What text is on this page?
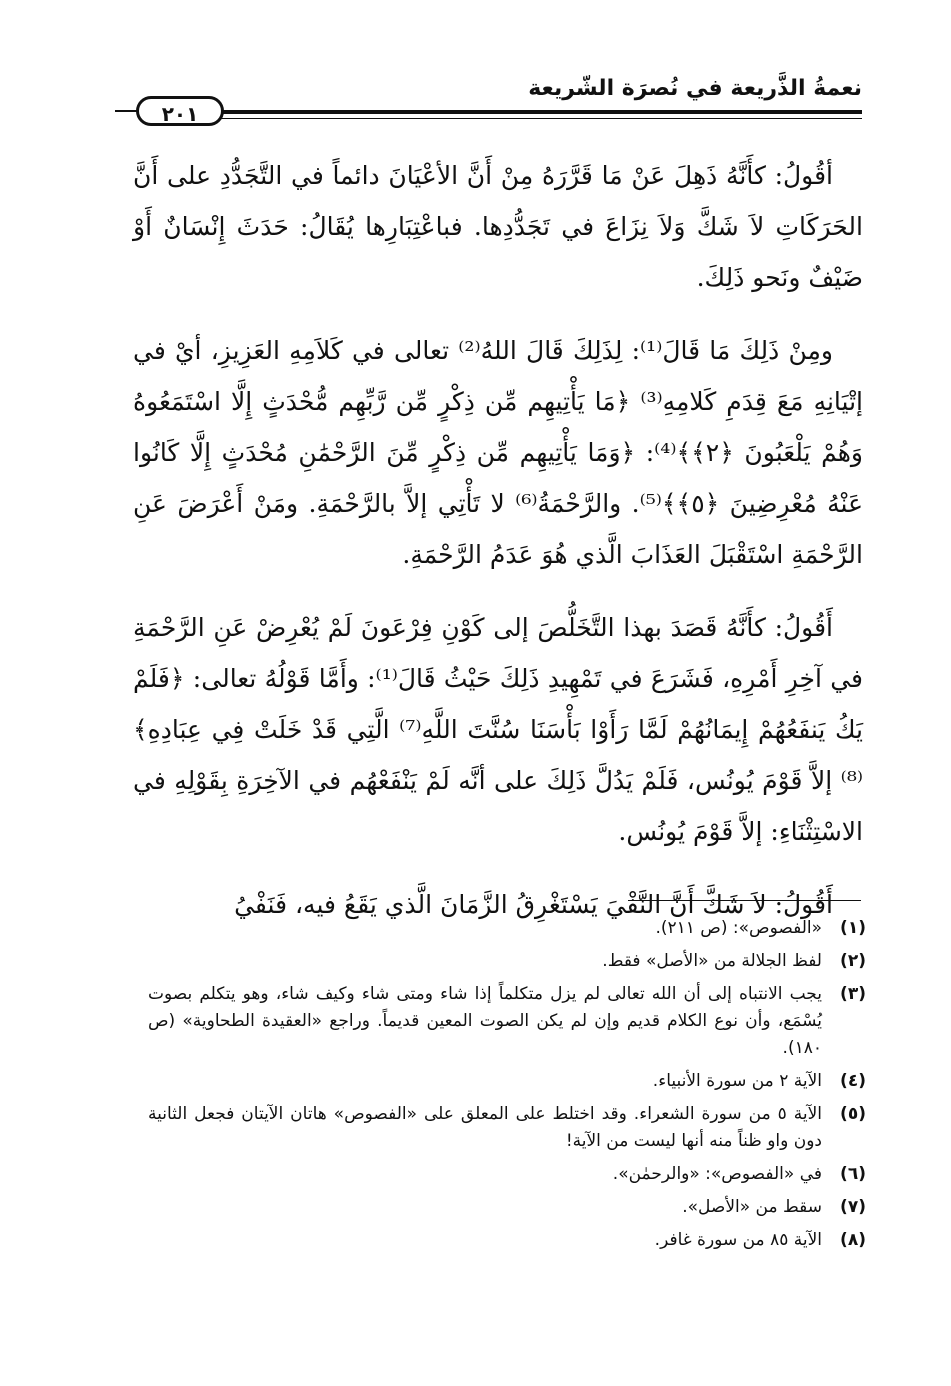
نعمةُ الذَّريعة في نُصرَة الشّريعة
٢٠١

أقُولُ: كأَنَّهُ ذَهِلَ عَنْ مَا قَرَّرَهُ مِنْ أَنَّ الأعْيَانَ دائماً في التَّجَدُّدِ على أَنَّ الحَرَكَاتِ لاَ شَكَّ وَلاَ نِزَاعَ في تَجَدُّدِها. فباعْتِبَارِها يُقَالُ: حَدَثَ إِنْسَانٌ أَوْ ضَيْفٌ ونَحو ذَلِكَ.

ومِنْ ذَلِكَ مَا قَالَ⁽¹⁾: لِذَلِكَ قَالَ اللهُ⁽²⁾ تعالى في كَلاَمِهِ العَزِيزِ، أيْ في إتْيَانِهِ مَعَ قِدَمِ كَلامِهِ⁽³⁾ ﴿مَا يَأْتِيهِم مِّن ذِكْرٍ مِّن رَّبِّهِم مُّحْدَثٍ إِلَّا اسْتَمَعُوهُ وَهُمْ يَلْعَبُونَ ﴿٢﴾﴾⁽⁴⁾: ﴿وَمَا يَأْتِيهِم مِّن ذِكْرٍ مِّنَ الرَّحْمَٰنِ مُحْدَثٍ إِلَّا كَانُوا عَنْهُ مُعْرِضِينَ ﴿٥﴾﴾⁽⁵⁾. والرَّحْمَةُ⁽⁶⁾ لا تَأْتِي إلاَّ بالرَّحْمَةِ. ومَنْ أَعْرَضَ عَنِ الرَّحْمَةِ اسْتَقْبَلَ العَذَابَ الَّذي هُوَ عَدَمُ الرَّحْمَةِ.

أَقُولُ: كأَنَّهُ قَصَدَ بهذا التَّخَلُّصَ إلى كَوْنِ فِرْعَونَ لَمْ يُعْرِضْ عَنِ الرَّحْمَةِ في آخِرِ أَمْرِهِ، فَشَرَعَ في تَمْهِيدِ ذَلِكَ حَيْثُ قَالَ⁽¹⁾: وأَمَّا قَوْلُهُ تعالى: ﴿فَلَمْ يَكُ يَنفَعُهُمْ إِيمَانُهُمْ لَمَّا رَأَوْا بَأْسَنَا سُنَّتَ اللَّهِ⁽⁷⁾ الَّتِي قَدْ خَلَتْ فِي عِبَادِهِ﴾⁽⁸⁾ إلاَّ قَوْمَ يُونُس، فَلَمْ يَدُلَّ ذَلِكَ على أنَّه لَمْ يَنْفَعْهُم في الآخِرَةِ بِقَوْلِهِ في الاسْتِثْنَاءِ: إلاَّ قَوْمَ يُونُس.

أَقُولُ: لاَ شَكَّ أَنَّ النَّفْيَ يَسْتَغْرِقُ الزَّمَانَ الَّذي يَقَعُ فيه، فَنَفْيُ

(١)
«الفصوص»: (ص ٢١١).
(٢)
لفظ الجلالة من «الأصل» فقط.
(٣)
يجب الانتباه إلى أن الله تعالى لم يزل متكلماً إذا شاء ومتى شاء وكيف شاء، وهو يتكلم بصوت يُسْمَع، وأن نوع الكلام قديم وإن لم يكن الصوت المعين قديماً. وراجع «العقيدة الطحاوية» (ص ١٨٠).
(٤)
الآية ٢ من سورة الأنبياء.
(٥)
الآية ٥ من سورة الشعراء. وقد اختلط على المعلق على «الفصوص» هاتان الآيتان فجعل الثانية دون واو ظناً منه أنها ليست من الآية!
(٦)
في «الفصوص»: «والرحمٰن».
(٧)
سقط من «الأصل».
(٨)
الآية ٨٥ من سورة غافر.
